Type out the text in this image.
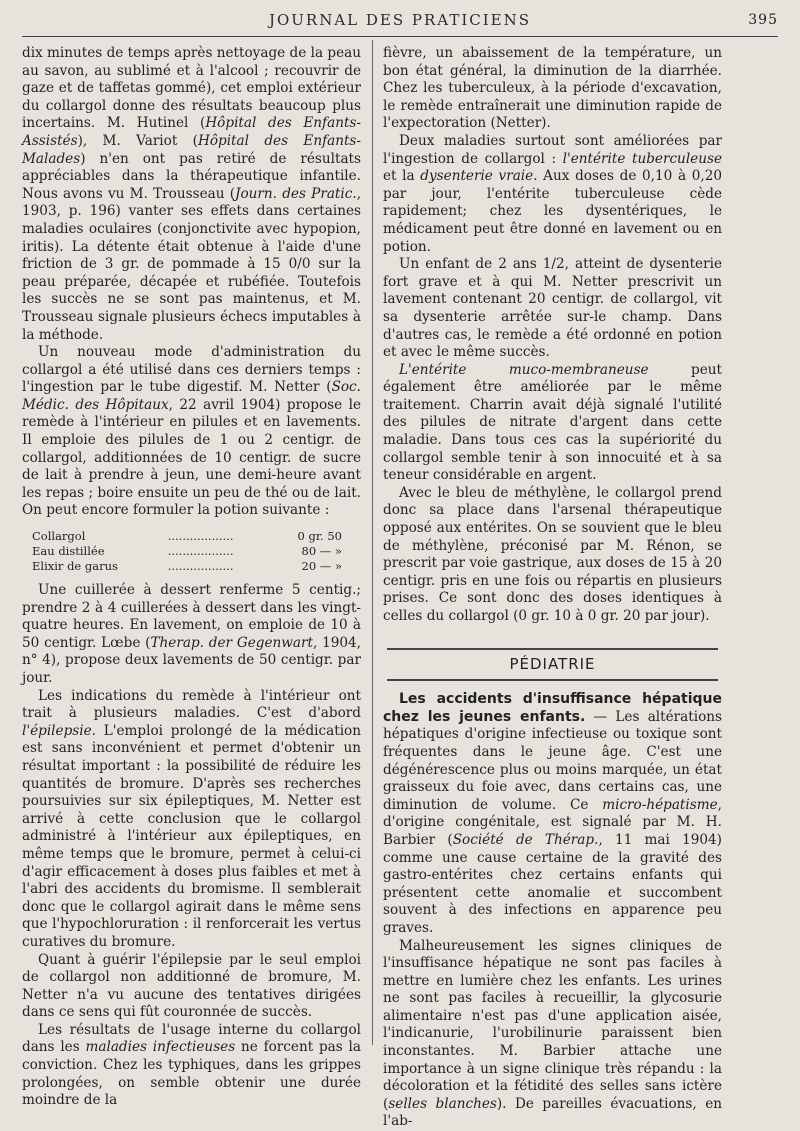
JOURNAL DES PRATICIENS	395

dix minutes de temps après nettoyage de la peau au savon, au sublimé et à l'alcool ; recouvrir de gaze et de taffetas gommé), cet emploi extérieur du collargol donne des résultats beaucoup plus incertains. M. Hutinel (Hôpital des Enfants-Assistés), M. Variot (Hôpital des Enfants-Malades) n'en ont pas retiré de résultats appréciables dans la thérapeutique infantile. Nous avons vu M. Trousseau (Journ. des Pratic., 1903, p. 196) vanter ses effets dans certaines maladies oculaires (conjonctivite avec hypopion, iritis). La détente était obtenue à l'aide d'une friction de 3 gr. de pommade à 15 0/0 sur la peau préparée, décapée et rubéfiée. Toutefois les succès ne se sont pas maintenus, et M. Trousseau signale plusieurs échecs imputables à la méthode.

Un nouveau mode d'administration du collargol a été utilisé dans ces derniers temps : l'ingestion par le tube digestif. M. Netter (Soc. Médic. des Hôpitaux, 22 avril 1904) propose le remède à l'intérieur en pilules et en lavements. Il emploie des pilules de 1 ou 2 centigr. de collargol, additionnées de 10 centigr. de sucre de lait à prendre à jeun, une demi-heure avant les repas ; boire ensuite un peu de thé ou de lait. On peut encore formuler la potion suivante :

Collargol	..................	0 gr. 50
Eau distillée	..................	80 — »
Elixir de garus	..................	20 — »

Une cuillerée à dessert renferme 5 centig.; prendre 2 à 4 cuillerées à dessert dans les vingt-quatre heures. En lavement, on emploie de 10 à 50 centigr. Lœbe (Therap. der Gegenwart, 1904, n° 4), propose deux lavements de 50 centigr. par jour.

Les indications du remède à l'intérieur ont trait à plusieurs maladies. C'est d'abord l'épilepsie. L'emploi prolongé de la médication est sans inconvénient et permet d'obtenir un résultat important : la possibilité de réduire les quantités de bromure. D'après ses recherches poursuivies sur six épileptiques, M. Netter est arrivé à cette conclusion que le collargol administré à l'intérieur aux épileptiques, en même temps que le bromure, permet à celui-ci d'agir efficacement à doses plus faibles et met à l'abri des accidents du bromisme. Il semblerait donc que le collargol agirait dans le même sens que l'hypochloruration : il renforcerait les vertus curatives du bromure.

Quant à guérir l'épilepsie par le seul emploi de collargol non additionné de bromure, M. Netter n'a vu aucune des tentatives dirigées dans ce sens qui fût couronnée de succès.

Les résultats de l'usage interne du collargol dans les maladies infectieuses ne forcent pas la conviction. Chez les typhiques, dans les grippes prolongées, on semble obtenir une durée moindre de la

fièvre, un abaissement de la température, un bon état général, la diminution de la diarrhée. Chez les tuberculeux, à la période d'excavation, le remède entraînerait une diminution rapide de l'expectoration (Netter).

Deux maladies surtout sont améliorées par l'ingestion de collargol : l'entérite tuberculeuse et la dysenterie vraie. Aux doses de 0,10 à 0,20 par jour, l'entérite tuberculeuse cède rapidement; chez les dysentériques, le médicament peut être donné en lavement ou en potion.

Un enfant de 2 ans 1/2, atteint de dysenterie fort grave et à qui M. Netter prescrivit un lavement contenant 20 centigr. de collargol, vit sa dysenterie arrêtée sur-le champ. Dans d'autres cas, le remède a été ordonné en potion et avec le même succès.

L'entérite muco-membraneuse peut également être améliorée par le même traitement. Charrin avait déjà signalé l'utilité des pilules de nitrate d'argent dans cette maladie. Dans tous ces cas la supériorité du collargol semble tenir à son innocuité et à sa teneur considérable en argent.

Avec le bleu de méthylène, le collargol prend donc sa place dans l'arsenal thérapeutique opposé aux entérites. On se souvient que le bleu de méthylène, préconisé par M. Rénon, se prescrit par voie gastrique, aux doses de 15 à 20 centigr. pris en une fois ou répartis en plusieurs prises. Ce sont donc des doses identiques à celles du collargol (0 gr. 10 à 0 gr. 20 par jour).

PÉDIATRIE

Les accidents d'insuffisance hépatique chez les jeunes enfants. — Les altérations hépatiques d'origine infectieuse ou toxique sont fréquentes dans le jeune âge. C'est une dégénérescence plus ou moins marquée, un état graisseux du foie avec, dans certains cas, une diminution de volume. Ce micro-hépatisme, d'origine congénitale, est signalé par M. H. Barbier (Société de Thérap., 11 mai 1904) comme une cause certaine de la gravité des gastro-entérites chez certains enfants qui présentent cette anomalie et succombent souvent à des infections en apparence peu graves.

Malheureusement les signes cliniques de l'insuffisance hépatique ne sont pas faciles à mettre en lumière chez les enfants. Les urines ne sont pas faciles à recueillir, la glycosurie alimentaire n'est pas d'une application aisée, l'indicanurie, l'urobilinurie paraissent bien inconstantes. M. Barbier attache une importance à un signe clinique très répandu : la décoloration et la fétidité des selles sans ictère (selles blanches). De pareilles évacuations, en l'ab-
